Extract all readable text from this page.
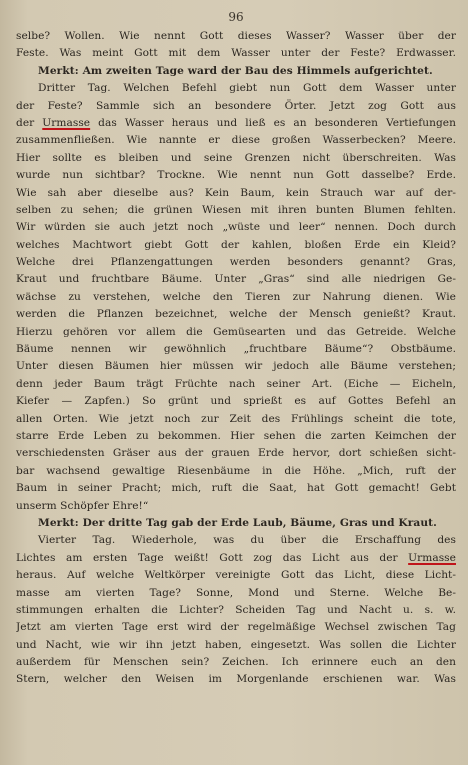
96
selbe? Wollen. Wie nennt Gott dieses Wasser? Wasser über der
Feste. Was meint Gott mit dem Wasser unter der Feste? Erdwasser.
Merkt: Am zweiten Tage ward der Bau des Himmels aufgerichtet.
Dritter Tag. Welchen Befehl giebt nun Gott dem Wasser unter
der Feste? Sammle sich an besondere Örter. Jetzt zog Gott aus
der Urmasse das Wasser heraus und ließ es an besonderen Vertiefungen
zusammenfließen. Wie nannte er diese großen Wasserbecken? Meere.
Hier sollte es bleiben und seine Grenzen nicht überschreiten. Was
wurde nun sichtbar? Trockne. Wie nennt nun Gott dasselbe? Erde.
Wie sah aber dieselbe aus? Kein Baum, kein Strauch war auf der-
selben zu sehen; die grünen Wiesen mit ihren bunten Blumen fehlten.
Wir würden sie auch jetzt noch „wüste und leer“ nennen. Doch durch
welches Machtwort giebt Gott der kahlen, bloßen Erde ein Kleid?
Welche drei Pflanzengattungen werden besonders genannt? Gras,
Kraut und fruchtbare Bäume. Unter „Gras“ sind alle niedrigen Ge-
wächse zu verstehen, welche den Tieren zur Nahrung dienen. Wie
werden die Pflanzen bezeichnet, welche der Mensch genießt? Kraut.
Hierzu gehören vor allem die Gemüsearten und das Getreide. Welche
Bäume nennen wir gewöhnlich „fruchtbare Bäume“? Obstbäume.
Unter diesen Bäumen hier müssen wir jedoch alle Bäume verstehen;
denn jeder Baum trägt Früchte nach seiner Art. (Eiche — Eicheln,
Kiefer — Zapfen.) So grünt und sprießt es auf Gottes Befehl an
allen Orten. Wie jetzt noch zur Zeit des Frühlings scheint die tote,
starre Erde Leben zu bekommen. Hier sehen die zarten Keimchen der
verschiedensten Gräser aus der grauen Erde hervor, dort schießen sicht-
bar wachsend gewaltige Riesenbäume in die Höhe. „Mich, ruft der
Baum in seiner Pracht; mich, ruft die Saat, hat Gott gemacht! Gebt
unserm Schöpfer Ehre!“
Merkt: Der dritte Tag gab der Erde Laub, Bäume, Gras und Kraut.
Vierter Tag. Wiederhole, was du über die Erschaffung des
Lichtes am ersten Tage weißt! Gott zog das Licht aus der Urmasse
heraus. Auf welche Weltkörper vereinigte Gott das Licht, diese Licht-
masse am vierten Tage? Sonne, Mond und Sterne. Welche Be-
stimmungen erhalten die Lichter? Scheiden Tag und Nacht u. s. w.
Jetzt am vierten Tage erst wird der regelmäßige Wechsel zwischen Tag
und Nacht, wie wir ihn jetzt haben, eingesetzt. Was sollen die Lichter
außerdem für Menschen sein? Zeichen. Ich erinnere euch an den
Stern, welcher den Weisen im Morgenlande erschienen war. Was
